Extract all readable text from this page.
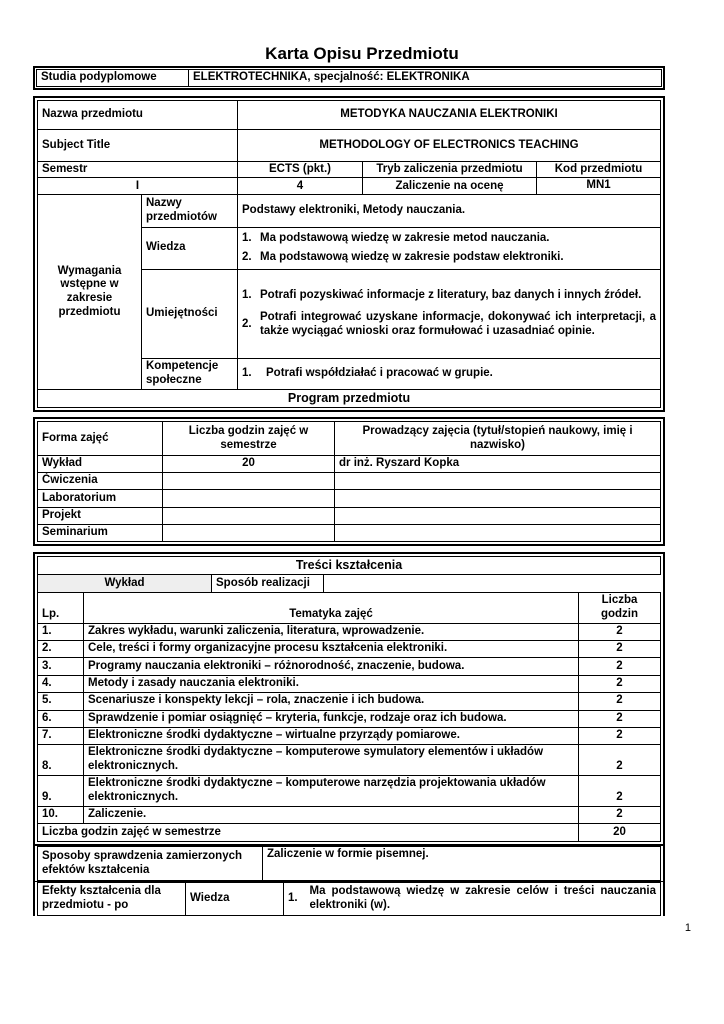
Karta Opisu Przedmiotu
Studia podyplomowe	ELEKTROTECHNIKA, specjalność: ELEKTRONIKA
Nazwa przedmiotu		METODYKA NAUCZANIA ELEKTRONIKI		
Subject Title		METHODOLOGY OF ELECTRONICS TEACHING		
Semestr		ECTS (pkt.)	Tryb zaliczenia przedmiotu	Kod przedmiotu
I		4	Zaliczenie na ocenę	MN1
Wymagania wstępne w zakresie przedmiotu	Nazwy przedmiotów	Podstawy elektroniki, Metody nauczania.		
	Wiedza	1. Ma podstawową wiedzę w zakresie metod nauczania.
2. Ma podstawową wiedzę w zakresie podstaw elektroniki.		

	Umiejętności	1. Potrafi pozyskiwać informacje z literatury, baz danych i innych źródeł.
2.
Potrafi integrować uzyskane informacje, dokonywać ich interpretacji, a także wyciągać wnioski oraz formułować i uzasadniać opinie.		

	Kompetencje społeczne	1. Potrafi współdziałać i pracować w grupie.		

Program przedmiotu				
Forma zajęć	Liczba godzin zajęć w semestrze	Prowadzący zajęcia (tytuł/stopień naukowy, imię i nazwisko)
Wykład	20	dr inż. Ryszard Kopka
Ćwiczenia		
Laboratorium		
Projekt		
Seminarium		
Treści kształcenia				
Wykład		Sposób realizacji		
Lp.	Tematyka zajęć			Liczba godzin
1.	Zakres wykładu, warunki zaliczenia, literatura, wprowadzenie.			2
2.	Cele, treści i formy organizacyjne procesu kształcenia elektroniki.			2
3.	Programy nauczania elektroniki – różnorodność, znaczenie, budowa.			2
4.	Metody i zasady nauczania elektroniki.			2
5.	Scenariusze i konspekty lekcji – rola, znaczenie i ich budowa.			2
6.	Sprawdzenie i pomiar osiągnięć – kryteria, funkcje, rodzaje oraz ich budowa.			2
7.	Elektroniczne środki dydaktyczne – wirtualne przyrządy pomiarowe.			2
8.	Elektroniczne środki dydaktyczne – komputerowe symulatory elementów i układów elektronicznych.			2
9.	Elektroniczne środki dydaktyczne – komputerowe narzędzia projektowania układów elektronicznych.			2
10.	Zaliczenie.			2
Liczba godzin zajęć w semestrze				20
Sposoby sprawdzenia zamierzonych efektów kształcenia	Zaliczenie w formie pisemnej.
Efekty kształcenia dla przedmiotu - po	Wiedza	1.	Ma podstawową wiedzę w zakresie celów i treści nauczania elektroniki (w).
1
